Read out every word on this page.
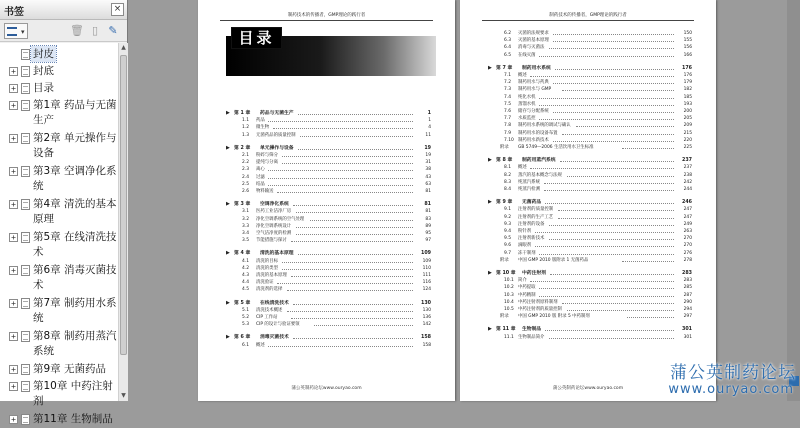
书签	×
▾	🗑 ▯ ✎
封皮
+ 封底
+ 目录
+ 第1章 药品与无菌
生产
+ 第2章 单元操作与
设备
+ 第3章 空调净化系
统
+ 第4章 清洗的基本
原理
+ 第5章 在线清洗技
术
+ 第6章 消毒灭菌技
术
+ 第7章 制药用水系
统
+ 第8章 制药用蒸汽
系统
+ 第9章 无菌药品
+ 第10章 中药注射
剂
+ 第11章 生物制品
▲
▼
制药技术的传播者，GMP理论的践行者
目录
▶ 第 1 章 药品与无菌生产	1
1.1 药品	1
1.2 微生物	4
1.3 无菌药品的质量控制	11
▶ 第 2 章 单元操作与设备	19
2.1 粉碎与筛分	19
2.2 提纯与分离	31
2.3 离心	38
2.4 过滤	43
2.5 结晶	63
2.6 物料输送	81
▶ 第 3 章 空调净化系统	81
3.1 医药工业洁净厂房	81
3.2 净化空调系统的空气处理	83
3.3 净化空调系统设计	89
3.4 空气洁净度的检测	95
3.5 节能措施与探讨	97
▶ 第 4 章 清洗的基本原理	109
4.1 清洗的目标	109
4.2 清洗的类型	110
4.3 清洗的基本原理	111
4.4 清洗验证	116
4.5 清洗剂的选择	124
▶ 第 5 章 在线清洗技术	130
5.1 清洗技术概述	130
5.2 CIP 工作站	136
5.3 CIP 的设计与验证要领	142
▶ 第 6 章 消毒灭菌技术	158
6.1 概述	158
蒲公英制药论坛www.ouryao.com
制药技术的传播者，GMP理论的践行者
6.2 灭菌的法规要求	150
6.3 灭菌的基本原理	155
6.4 消毒与灭菌法	156
6.5 在线灭菌	166
▶ 第 7 章 制药用水系统	176
7.1 概述	176
7.2 制药用水与药典	179
7.3 制药用水与 GMP	182
7.4 纯化水机	185
7.5 蒸馏水机	193
7.6 储存与分配系统	200
7.7 水质监控	205
7.8 制药用水系统的调试与确认	209
7.9 制药用水的设备布置	215
7.10 制药用水新技术	220
附录 GB 5749—2006 生活饮用水卫生标准	225
▶ 第 8 章 制药用蒸汽系统	237
8.1 概述	237
8.2 蒸汽的基本概念与法规	238
8.3 纯蒸汽系统	242
8.4 纯蒸汽检测	244
▶ 第 9 章 无菌药品	246
9.1 注射剂的质量控制	247
9.2 注射剂的生产工艺	247
9.3 注射剂的设备	249
9.4 粉针剂	263
9.5 注射剂新技术	270
9.6 滴眼剂	270
9.7 冻干制剂	276
附录 中国 GMP 2010 版附录 1 无菌药品	278
▶ 第 10 章 中药注射剂	283
10.1 简介	283
10.2 中药提取	285
10.3 中药精制	287
10.4 中药注射剂原料制剂	290
10.5 中药注射剂的质量控制	294
附录 中国 GMP 2010 版 附录 5 中药制剂	297
▶ 第 11 章 生物制品	301
11.1 生物制品简介	301
蒲公英制药论坛www.ouryao.com
蒲公英制药论坛
www.ouryao.com
